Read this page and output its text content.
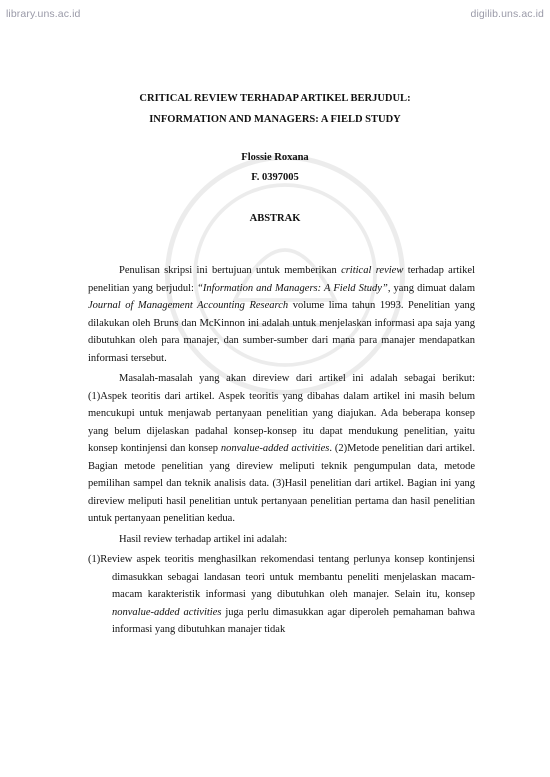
library.uns.ac.id	digilib.uns.ac.id
CRITICAL REVIEW TERHADAP ARTIKEL BERJUDUL:
INFORMATION AND MANAGERS: A FIELD STUDY
Flossie Roxana
F. 0397005
ABSTRAK

Penulisan skripsi ini bertujuan untuk memberikan critical review terhadap artikel penelitian yang berjudul: “Information and Managers: A Field Study”, yang dimuat dalam Journal of Management Accounting Research volume lima tahun 1993. Penelitian yang dilakukan oleh Bruns dan McKinnon ini adalah untuk menjelaskan informasi apa saja yang dibutuhkan oleh para manajer, dan sumber-sumber dari mana para manajer mendapatkan informasi tersebut.

Masalah-masalah yang akan direview dari artikel ini adalah sebagai berikut: (1)Aspek teoritis dari artikel. Aspek teoritis yang dibahas dalam artikel ini masih belum mencukupi untuk menjawab pertanyaan penelitian yang diajukan. Ada beberapa konsep yang belum dijelaskan padahal konsep-konsep itu dapat mendukung penelitian, yaitu konsep kontinjensi dan konsep nonvalue-added activities. (2)Metode penelitian dari artikel. Bagian metode penelitian yang direview meliputi teknik pengumpulan data, metode pemilihan sampel dan teknik analisis data. (3)Hasil penelitian dari artikel. Bagian ini yang direview meliputi hasil penelitian untuk pertanyaan penelitian pertama dan hasil penelitian untuk pertanyaan penelitian kedua.

Hasil review terhadap artikel ini adalah:

(1)Review aspek teoritis menghasilkan rekomendasi tentang perlunya konsep kontinjensi dimasukkan sebagai landasan teori untuk membantu peneliti menjelaskan macam-macam karakteristik informasi yang dibutuhkan oleh manajer. Selain itu, konsep nonvalue-added activities juga perlu dimasukkan agar diperoleh pemahaman bahwa informasi yang dibutuhkan manajer tidak
